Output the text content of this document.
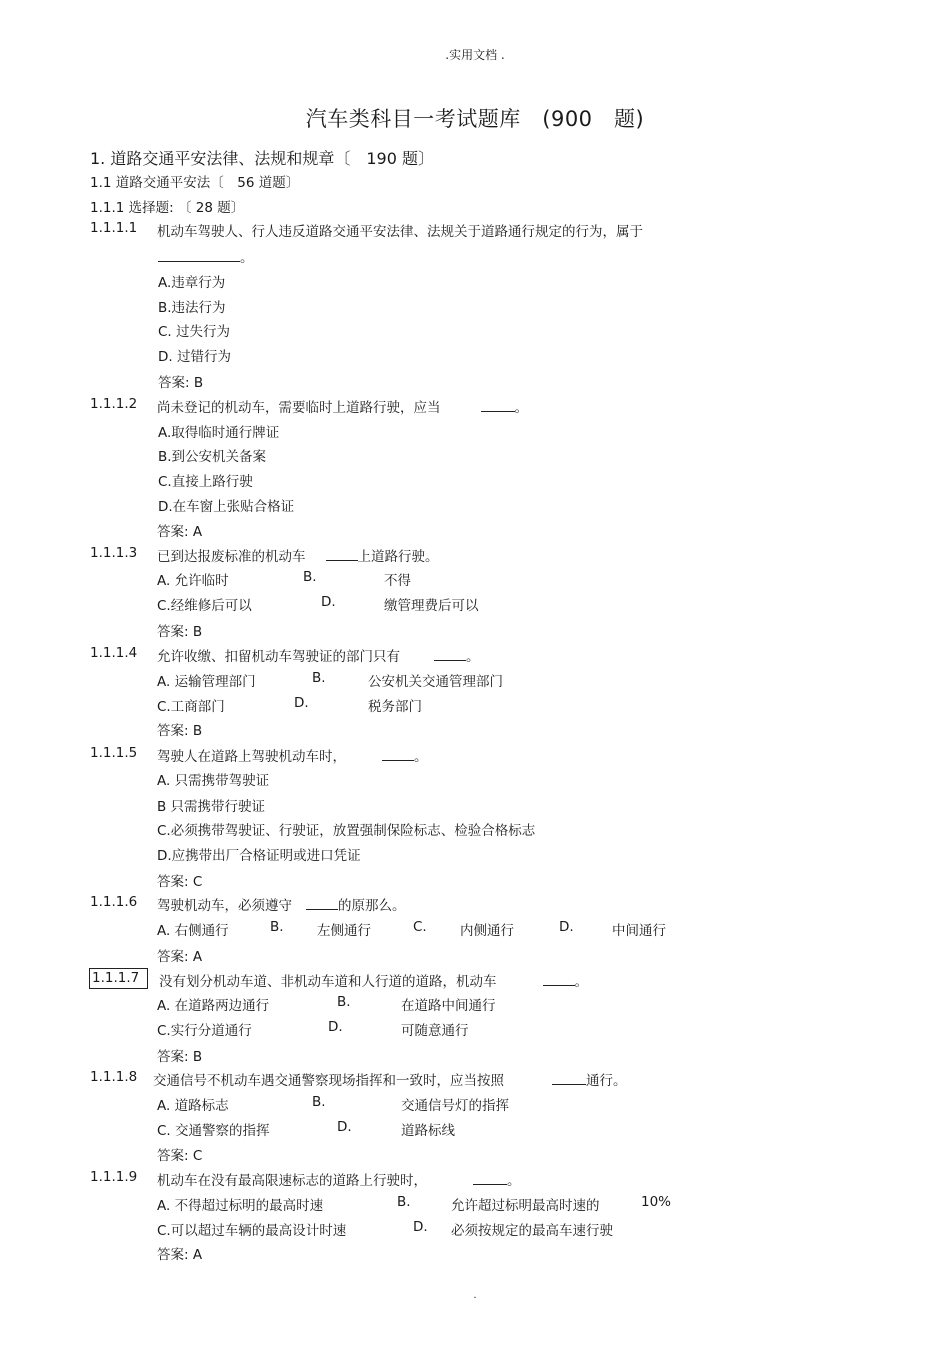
.实用文档 .
汽车类科目一考试题库　(900　题)
1. 道路交通平安法律、法规和规章〔　190 题〕
1.1 道路交通平安法〔　56 道题〕
1.1.1 选择题: 〔 28 题〕
1.1.1.1 机动车驾驶人、行人违反道路交通平安法律、法规关于道路通行规定的行为，属于
。
A.违章行为
B.违法行为
C. 过失行为
D. 过错行为
答案: B
1.1.1.2 尚未登记的机动车，需要临时上道路行驶，应当	。
A.取得临时通行牌证
B.到公安机关备案
C.直接上路行驶
D.在车窗上张贴合格证
答案: A
1.1.1.3 已到达报废标准的机动车	上道路行驶。
A. 允许临时	B.	不得
C.经维修后可以	D.	缴管理费后可以
答案: B
1.1.1.4 允许收缴、扣留机动车驾驶证的部门只有	。
A. 运输管理部门	B.	公安机关交通管理部门
C.工商部门	D.	税务部门
答案: B
1.1.1.5 驾驶人在道路上驾驶机动车时，	。
A. 只需携带驾驶证
B 只需携带行驶证
C.必须携带驾驶证、行驶证，放置强制保险标志、检验合格标志
D.应携带出厂合格证明或进口凭证
答案: C
1.1.1.6 驾驶机动车，必须遵守	的原那么。
A. 右侧通行	B. 左侧通行	C. 内侧通行	D.	中间通行
答案: A
1.1.1.7	没有划分机动车道、非机动车道和人行道的道路，机动车	。
A. 在道路两边通行	B.	在道路中间通行
C.实行分道通行	D.	可随意通行
答案: B
1.1.1.8 交通信号不机动车遇交通警察现场指挥和一致时，应当按照	通行。
A. 道路标志	B.	交通信号灯的指挥
C. 交通警察的指挥	D.	道路标线
答案: C
1.1.1.9 机动车在没有最高限速标志的道路上行驶时，	。
A. 不得超过标明的最高时速	B.	允许超过标明最高时速的	10%
C.可以超过车辆的最高设计时速	D. 必须按规定的最高车速行驶
答案: A
.
